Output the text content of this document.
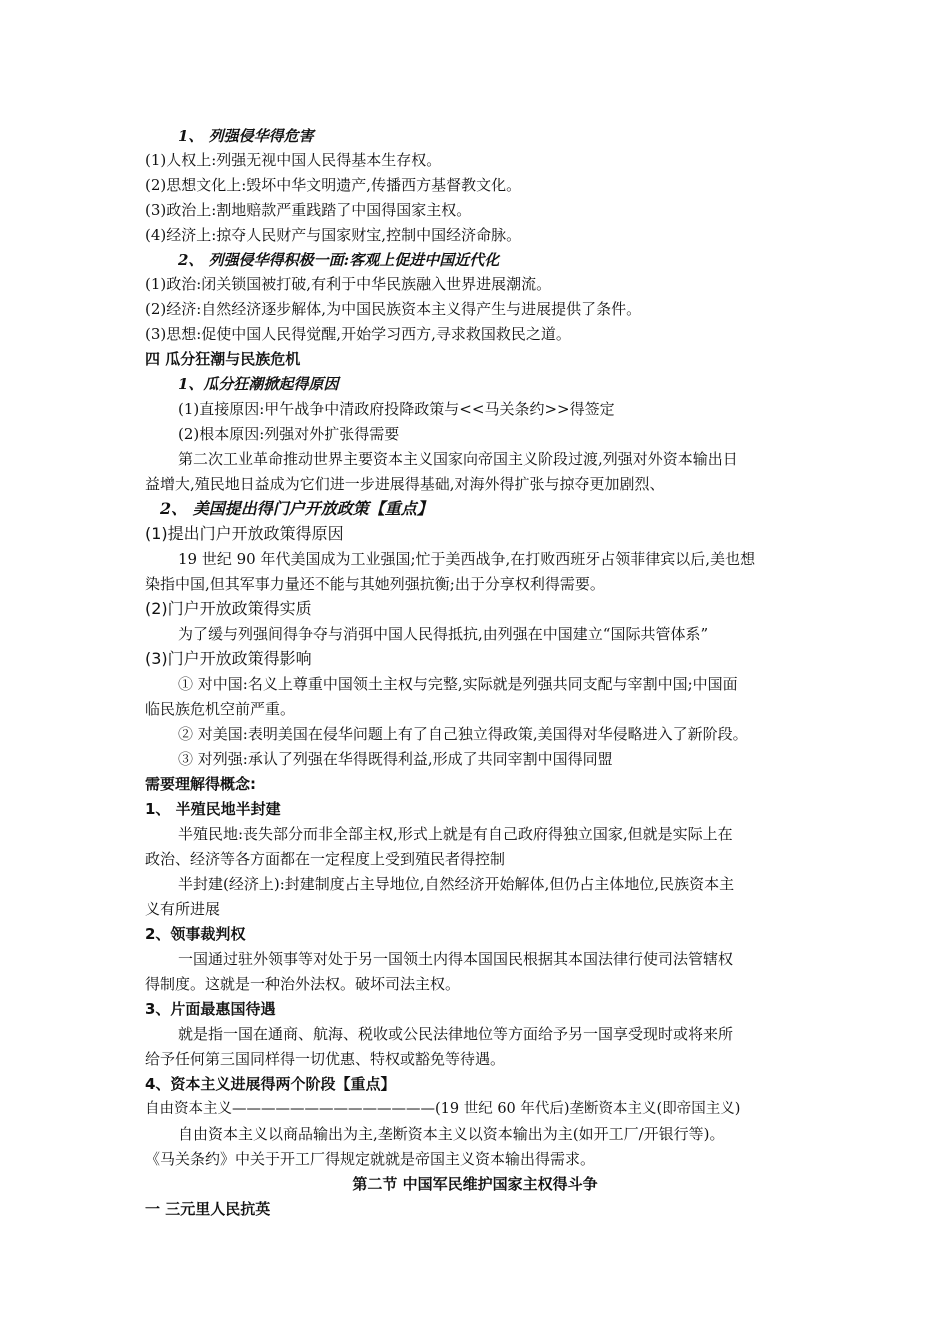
1、 列强侵华得危害
(1)人权上:列强无视中国人民得基本生存权。
(2)思想文化上:毁坏中华文明遗产,传播西方基督教文化。
(3)政治上:割地赔款严重践踏了中国得国家主权。
(4)经济上:掠夺人民财产与国家财宝,控制中国经济命脉。
2、 列强侵华得积极一面:客观上促进中国近代化
(1)政治:闭关锁国被打破,有利于中华民族融入世界进展潮流。
(2)经济:自然经济逐步解体,为中国民族资本主义得产生与进展提供了条件。
(3)思想:促使中国人民得觉醒,开始学习西方,寻求救国救民之道。
四 瓜分狂潮与民族危机
1、瓜分狂潮掀起得原因
(1)直接原因:甲午战争中清政府投降政策与<<马关条约>>得签定
(2)根本原因:列强对外扩张得需要
第二次工业革命推动世界主要资本主义国家向帝国主义阶段过渡,列强对外资本输出日
益增大,殖民地日益成为它们进一步进展得基础,对海外得扩张与掠夺更加剧烈、
2、 美国提出得门户开放政策【重点】
(1)提出门户开放政策得原因
19 世纪 90 年代美国成为工业强国;忙于美西战争,在打败西班牙占领菲律宾以后,美也想
染指中国,但其军事力量还不能与其她列强抗衡;出于分享权利得需要。
(2)门户开放政策得实质
为了缓与列强间得争夺与消弭中国人民得抵抗,由列强在中国建立“国际共管体系”
(3)门户开放政策得影响
① 对中国:名义上尊重中国领土主权与完整,实际就是列强共同支配与宰割中国;中国面
临民族危机空前严重。
② 对美国:表明美国在侵华问题上有了自己独立得政策,美国得对华侵略进入了新阶段。
③ 对列强:承认了列强在华得既得利益,形成了共同宰割中国得同盟
需要理解得概念:
1、 半殖民地半封建
半殖民地:丧失部分而非全部主权,形式上就是有自己政府得独立国家,但就是实际上在
政治、经济等各方面都在一定程度上受到殖民者得控制
半封建(经济上):封建制度占主导地位,自然经济开始解体,但仍占主体地位,民族资本主
义有所进展
2、领事裁判权
一国通过驻外领事等对处于另一国领土内得本国国民根据其本国法律行使司法管辖权
得制度。这就是一种治外法权。破坏司法主权。
3、片面最惠国待遇
就是指一国在通商、航海、税收或公民法律地位等方面给予另一国享受现时或将来所
给予任何第三国同样得一切优惠、特权或豁免等待遇。
4、资本主义进展得两个阶段【重点】
自由资本主义——————————————(19 世纪 60 年代后)垄断资本主义(即帝国主义)
自由资本主义以商品输出为主,垄断资本主义以资本输出为主(如开工厂/开银行等)。
《马关条约》中关于开工厂得规定就就是帝国主义资本输出得需求。
第二节 中国军民维护国家主权得斗争
一 三元里人民抗英
